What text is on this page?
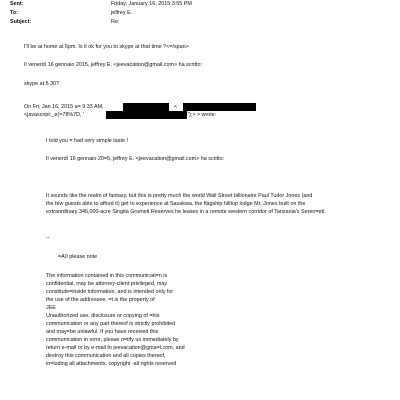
Sent:	Friday, January 16, 2015 3:55 PM
To:	jeffrey E.
Subject:	Re:
I'll be at home at 6pm. Is it ok for you to skype at that time ?<=/span>
Il venerdì 16 gennaio 2015, jeffrey E. <jeevacation@gmail.com> ha scritto:
skype at 5 30?
On Fri, Jan 16, 2015 a= 9:33 AM,	<
<javascript:_e(=78%7D, '	');> > wrote:
I told you = had very simple taste !
Il venerdì 16 gennaio 20=5, jeffrey E. <jeevacation@gmail.com> ha scritto:
It sounds like the realm of fantasy, but this is pretty much the world Wall Street billionaire Paul Tudor Jones (and
the few guests able to afford it) get to experience at Sasakwa, the flagship hilltop lodge Mr. Jones built on the
extraordinary 346,000-acre Singita Grumeti Reserves he leases in a remote western corridor of Tanzania's Seren=eti.
--
=A0 please note
The information contained in this communicati=n is
confidential, may be attorney-client privileged, may
constitute=inside information, and is intended only for
the use of the addressee. =t is the property of
JEE
Unauthorized use, disclosure or copying of =his
communication or any part thereof is strictly prohibited
and may=be unlawful. If you have received this
communication in error, please n=tify us immediately by
return e-mail or by e-mail to jeevacation@gma=l.com, and
destroy this communication and all copies thereof,
in=luding all attachments. copyright -all rights reserved
